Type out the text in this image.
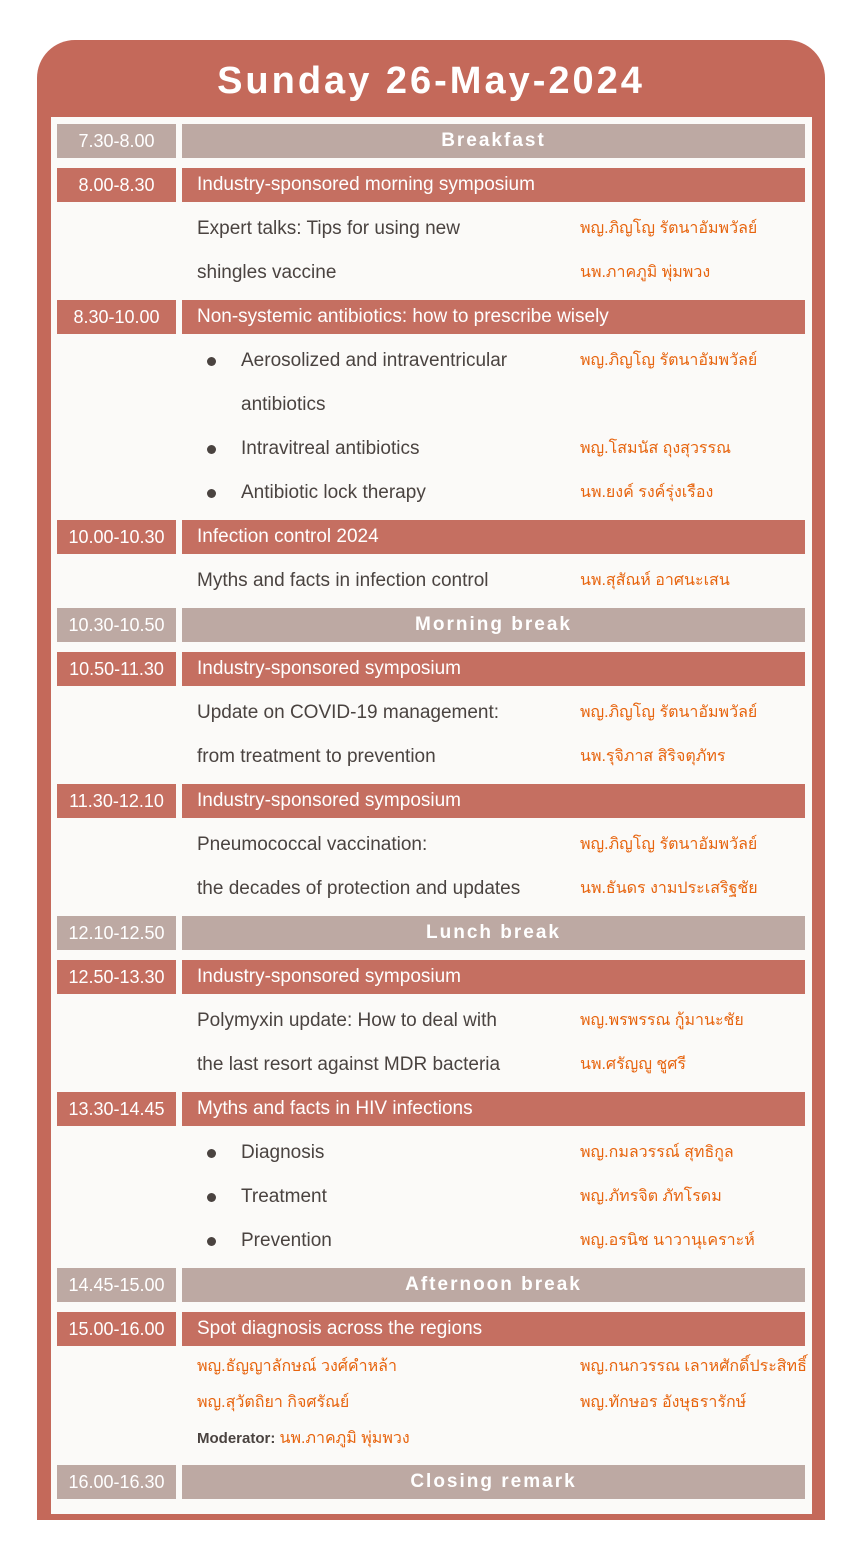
Sunday 26-May-2024
7.30-8.00	Breakfast
8.00-8.30	Industry-sponsored morning symposium
Expert talks: Tips for using new	พญ.ภิญโญ รัตนาอัมพวัลย์
shingles vaccine	นพ.ภาคภูมิ พุ่มพวง
8.30-10.00	Non-systemic antibiotics: how to prescribe wisely
Aerosolized and intraventricular	พญ.ภิญโญ รัตนาอัมพวัลย์
antibiotics
Intravitreal antibiotics	พญ.โสมนัส ถุงสุวรรณ
Antibiotic lock therapy	นพ.ยงค์ รงค์รุ่งเรือง
10.00-10.30	Infection control 2024
Myths and facts in infection control	นพ.สุสัณห์ อาศนะเสน
10.30-10.50	Morning break
10.50-11.30	Industry-sponsored symposium
Update on COVID-19 management:	พญ.ภิญโญ รัตนาอัมพวัลย์
from treatment to prevention	นพ.รุจิภาส สิริจตุภัทร
11.30-12.10	Industry-sponsored symposium
Pneumococcal vaccination:	พญ.ภิญโญ รัตนาอัมพวัลย์
the decades of protection and updates	นพ.ธันดร งามประเสริฐชัย
12.10-12.50	Lunch break
12.50-13.30	Industry-sponsored symposium
Polymyxin update: How to deal with	พญ.พรพรรณ กู้มานะชัย
the last resort against MDR bacteria	นพ.ศรัญญู ชูศรี
13.30-14.45	Myths and facts in HIV infections
Diagnosis	พญ.กมลวรรณ์ สุทธิกูล
Treatment	พญ.ภัทรจิต ภัทโรดม
Prevention	พญ.อรนิช นาวานุเคราะห์
14.45-15.00	Afternoon break
15.00-16.00	Spot diagnosis across the regions
พญ.ธัญญาลักษณ์ วงศ์คำหล้า	พญ.กนกวรรณ เลาหศักดิ์ประสิทธิ์
พญ.สุวัตถิยา กิจศรัณย์	พญ.ทักษอร อังษุธรารักษ์
Moderator: นพ.ภาคภูมิ พุ่มพวง
16.00-16.30	Closing remark
